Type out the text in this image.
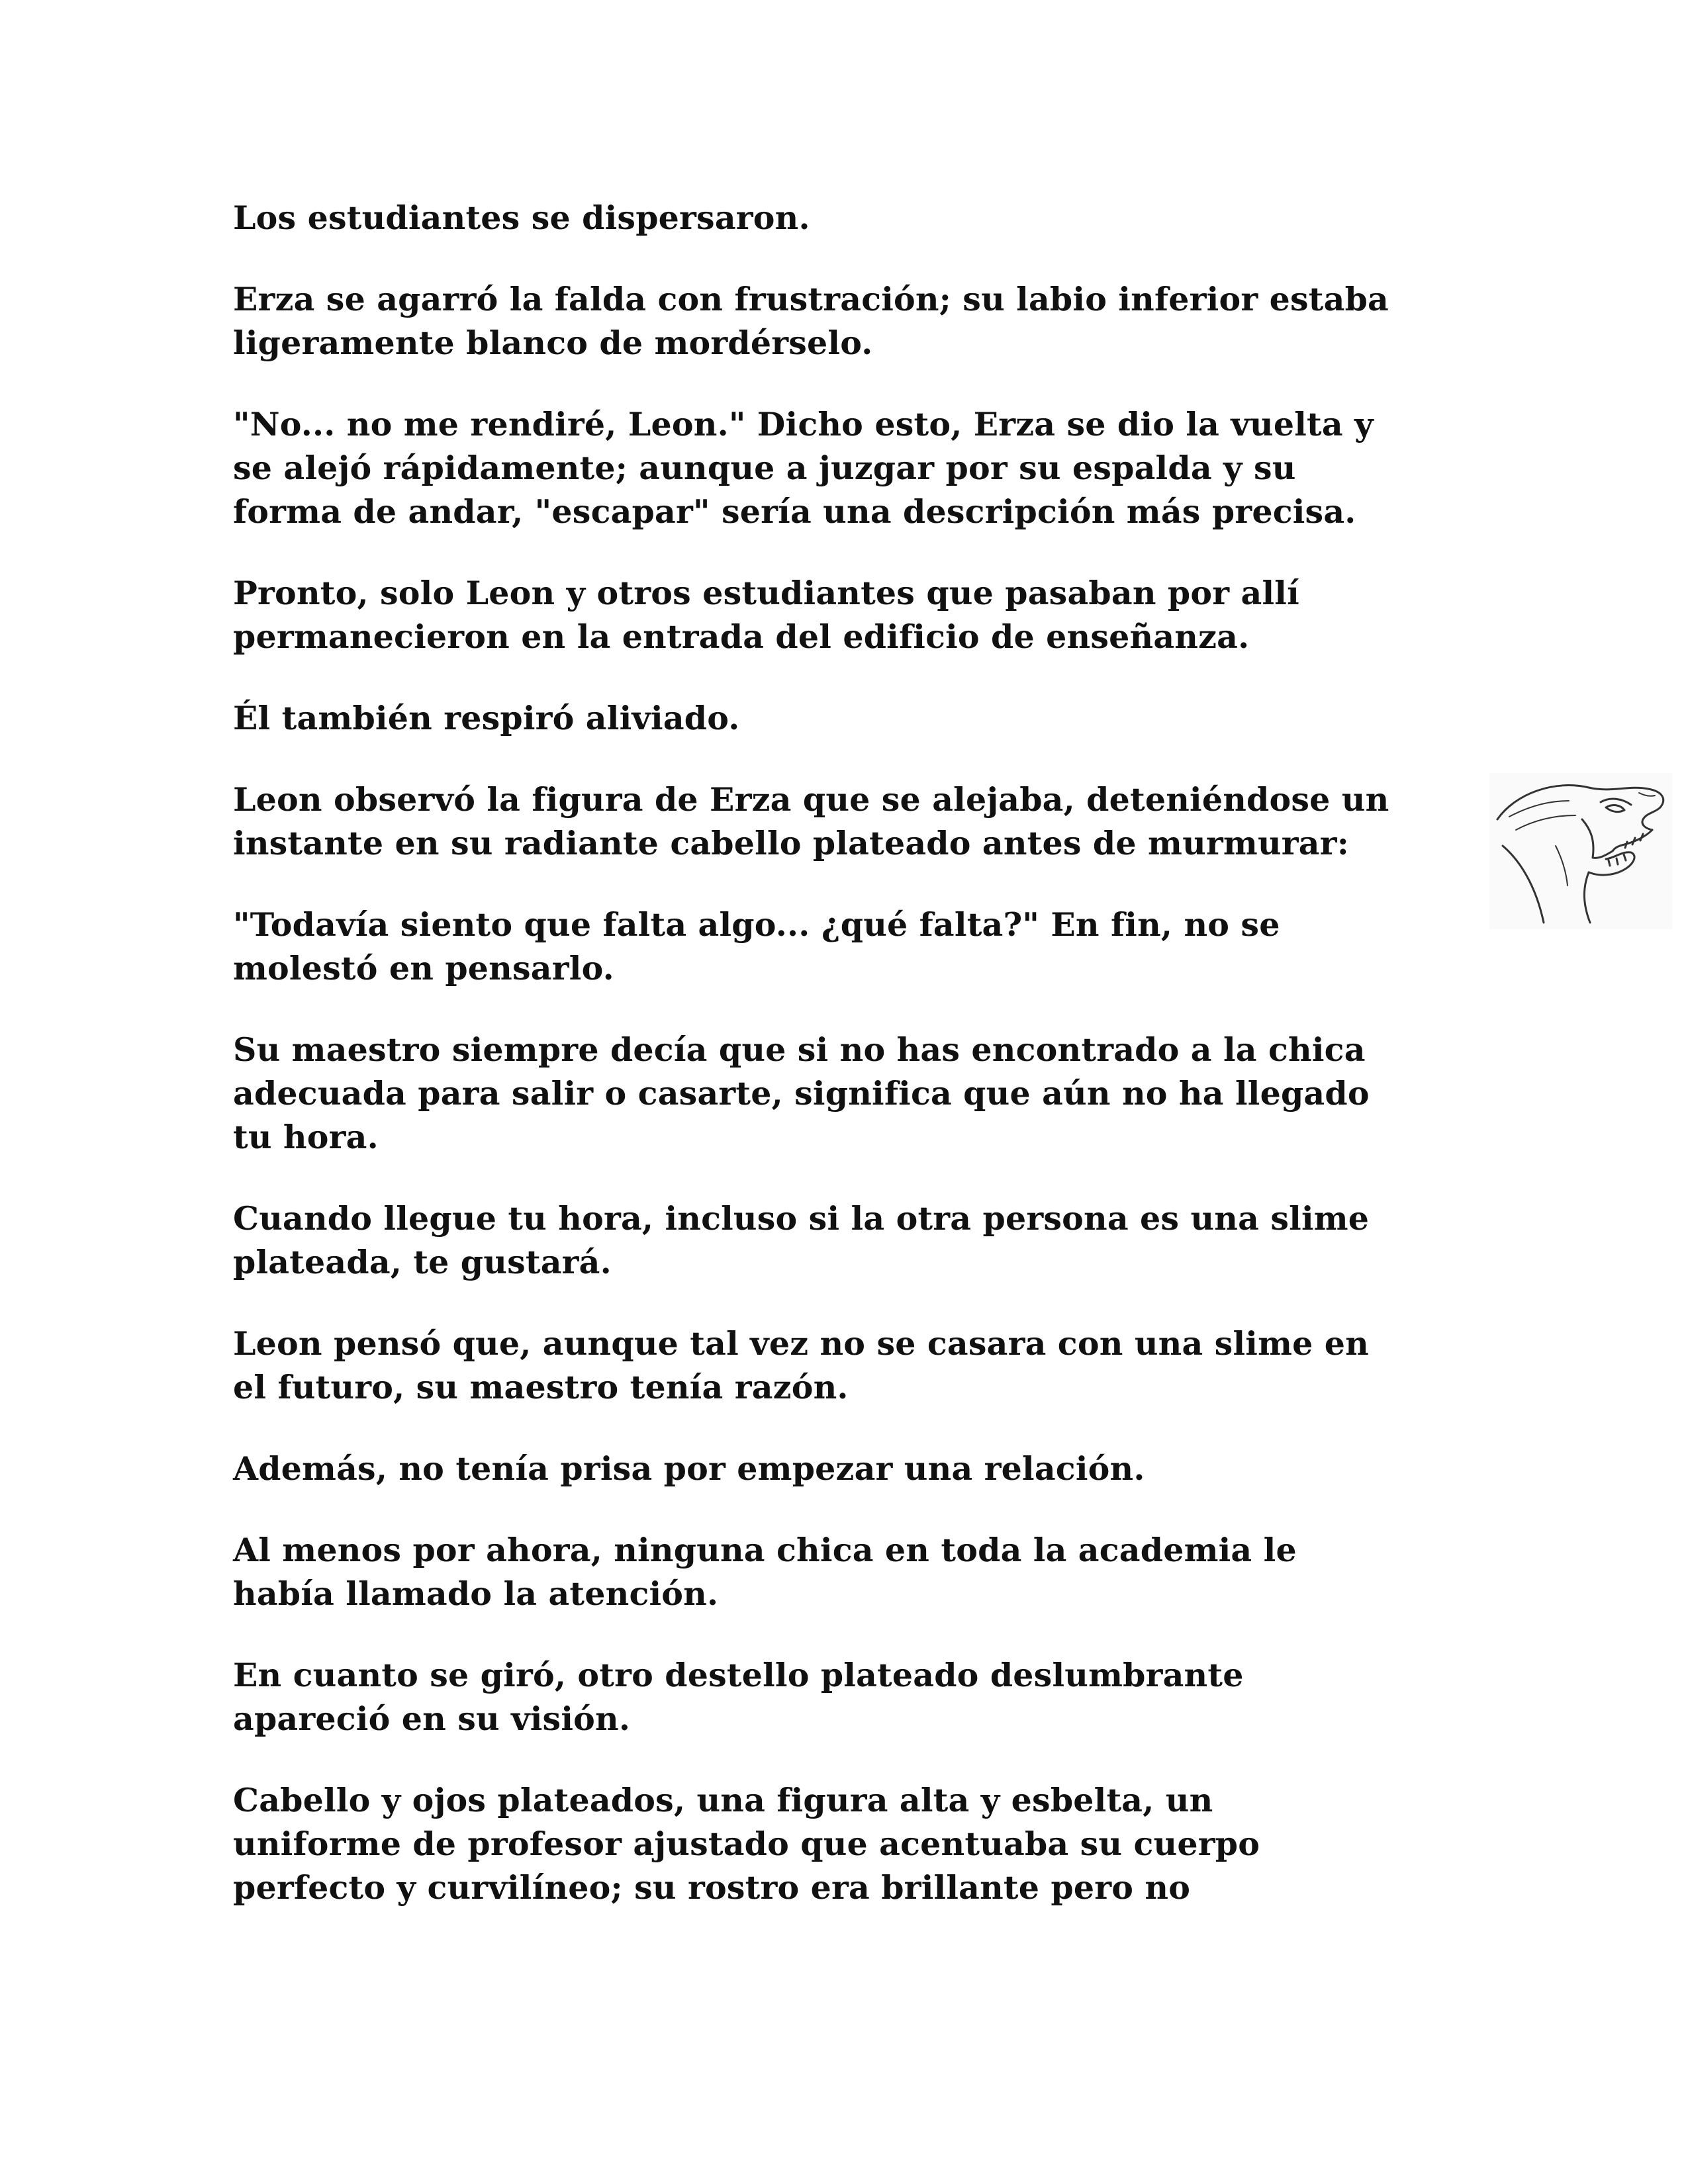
Los estudiantes se dispersaron.

Erza se agarró la falda con frustración; su labio inferior estaba
ligeramente blanco de mordérselo.

"No... no me rendiré, Leon." Dicho esto, Erza se dio la vuelta y
se alejó rápidamente; aunque a juzgar por su espalda y su
forma de andar, "escapar" sería una descripción más precisa.

Pronto, solo Leon y otros estudiantes que pasaban por allí
permanecieron en la entrada del edificio de enseñanza.

Él también respiró aliviado.

Leon observó la figura de Erza que se alejaba, deteniéndose un
instante en su radiante cabello plateado antes de murmurar:

"Todavía siento que falta algo... ¿qué falta?" En fin, no se
molestó en pensarlo.

Su maestro siempre decía que si no has encontrado a la chica
adecuada para salir o casarte, significa que aún no ha llegado
tu hora.

Cuando llegue tu hora, incluso si la otra persona es una slime
plateada, te gustará.

Leon pensó que, aunque tal vez no se casara con una slime en
el futuro, su maestro tenía razón.

Además, no tenía prisa por empezar una relación.

Al menos por ahora, ninguna chica en toda la academia le
había llamado la atención.

En cuanto se giró, otro destello plateado deslumbrante
apareció en su visión.

Cabello y ojos plateados, una figura alta y esbelta, un
uniforme de profesor ajustado que acentuaba su cuerpo
perfecto y curvilíneo; su rostro era brillante pero no
